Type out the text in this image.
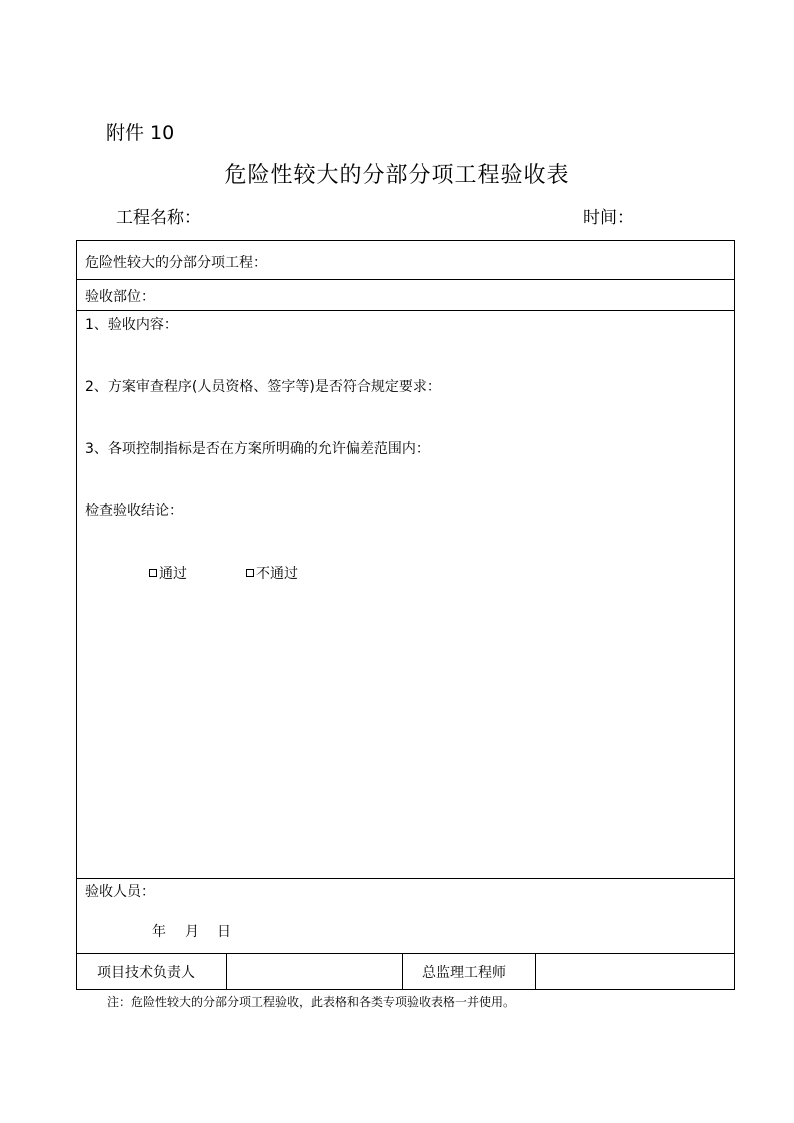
附件 10
危险性较大的分部分项工程验收表
工程名称：	时间：
危险性较大的分部分项工程：
验收部位：
1、验收内容：
2、方案审查程序(人员资格、签字等)是否符合规定要求：
3、各项控制指标是否在方案所明确的允许偏差范围内：
检查验收结论：
通过	不通过
验收人员：
年 月 日
项目技术负责人	总监理工程师
注：危险性较大的分部分项工程验收，此表格和各类专项验收表格一并使用。
